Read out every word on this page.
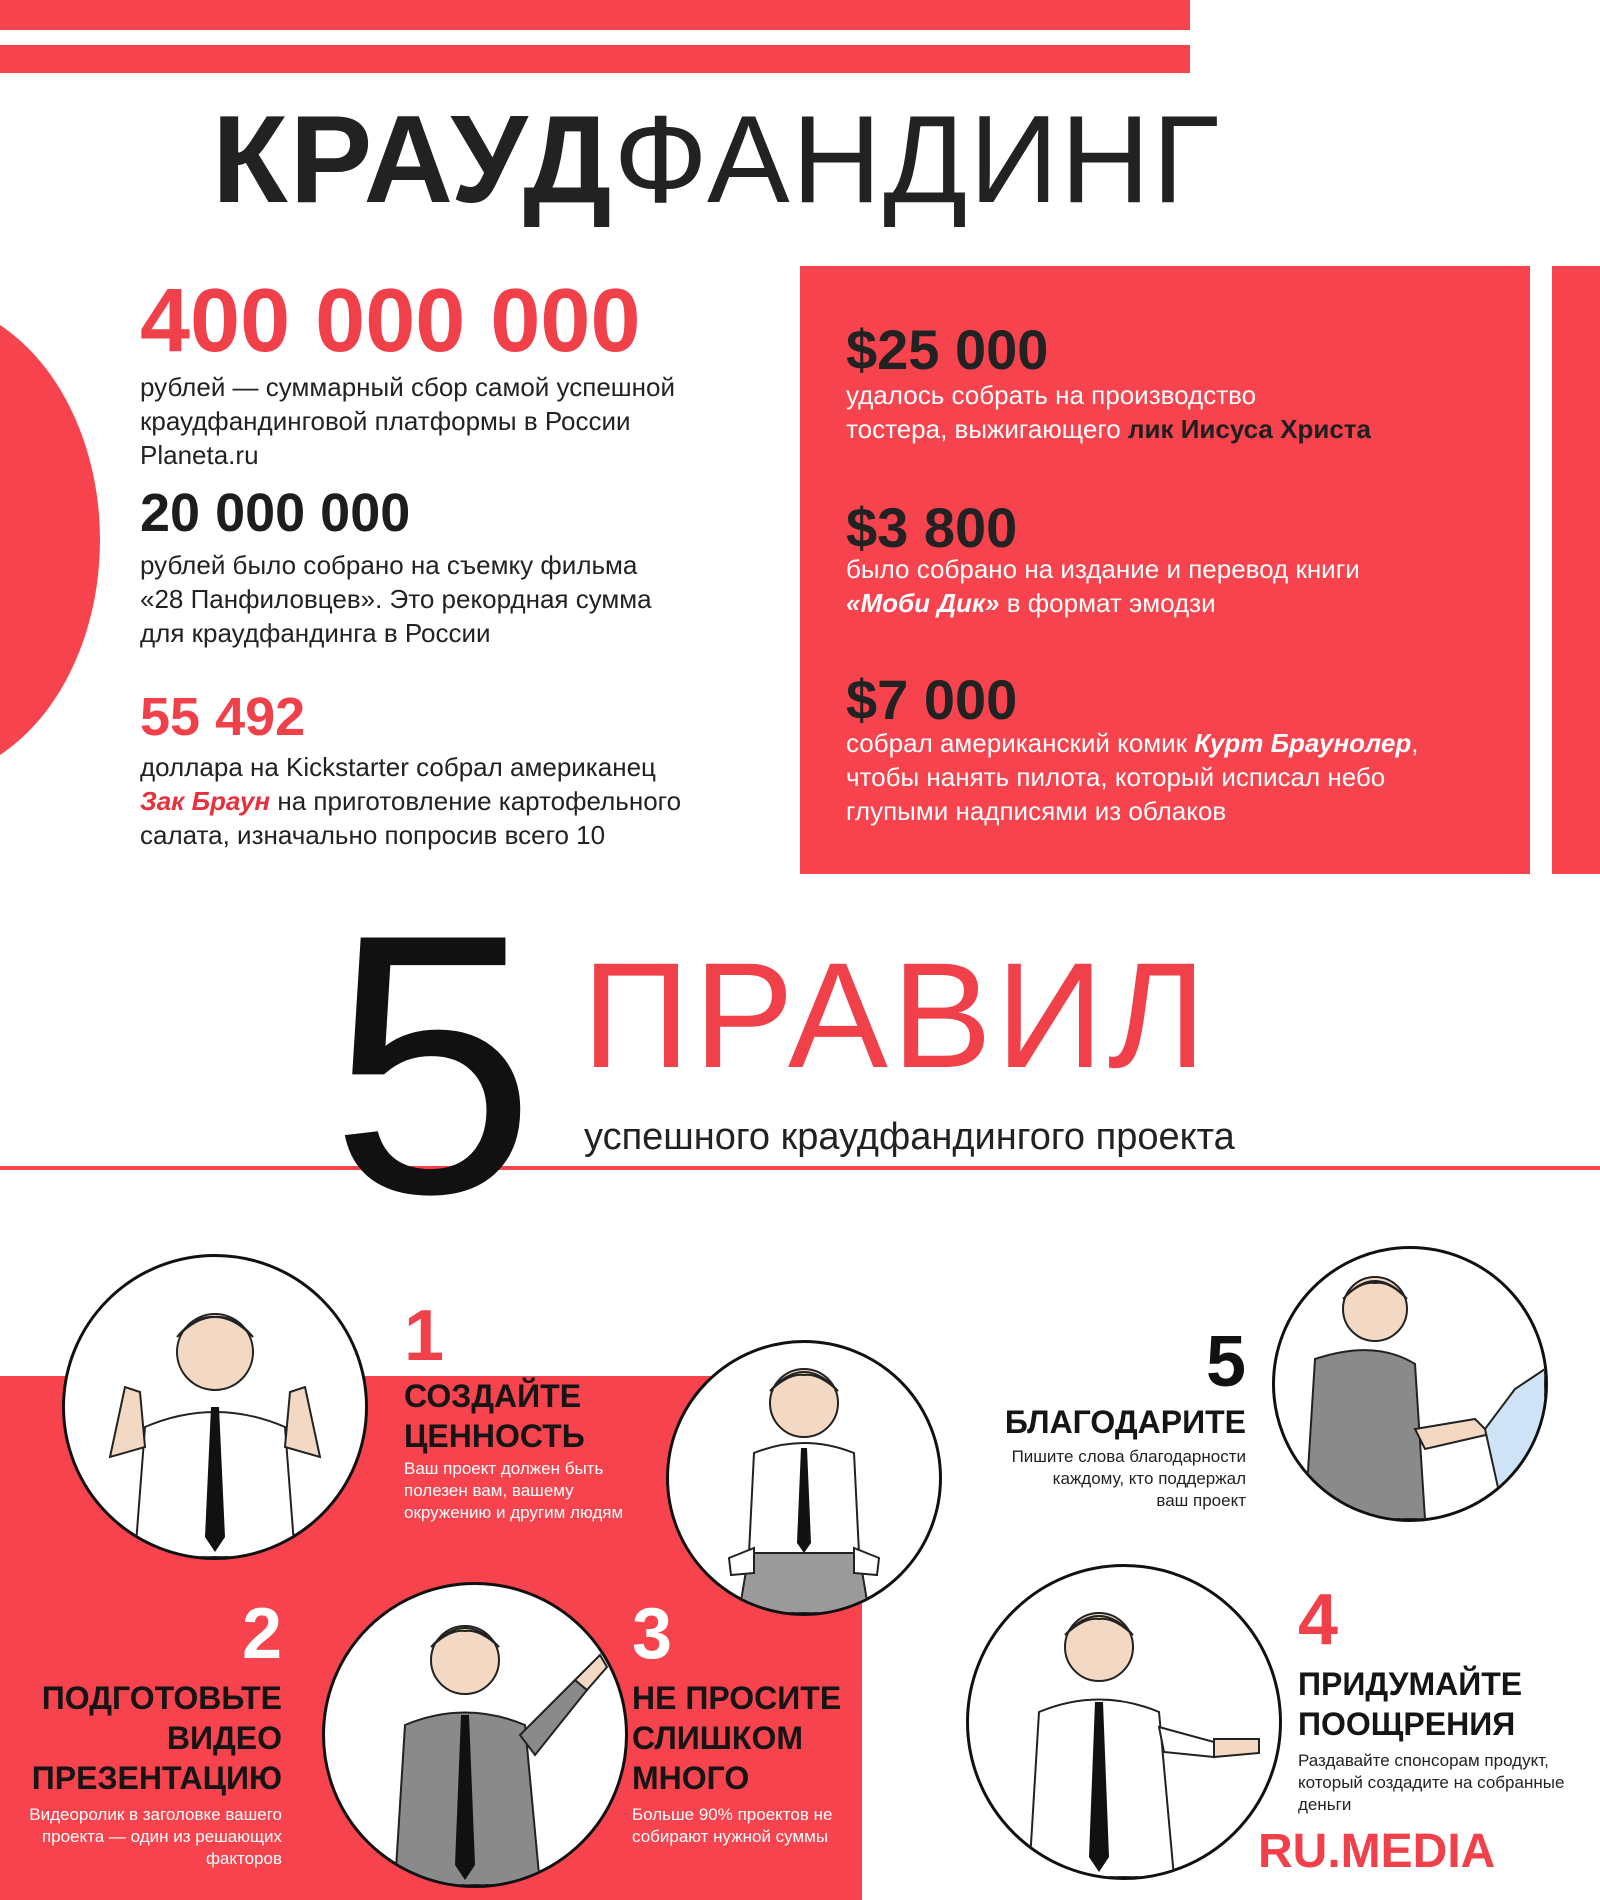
КРАУДФАНДИНГ
400 000 000
рублей — суммарный сбор самой успешной
краудфандинговой платформы в России
Planeta.ru
20 000 000
рублей было собрано на съемку фильма
«28 Панфиловцев». Это рекордная сумма
для краудфандинга в России
55 492
доллара на Kickstarter собрал американец
Зак Браун на приготовление картофельного
салата, изначально попросив всего 10
$25 000
удалось собрать на производство
тостера, выжигающего лик Иисуса Христа
$3 800
было собрано на издание и перевод книги
«Моби Дик» в формат эмодзи
$7 000
собрал американский комик Курт Браунолер,
чтобы нанять пилота, который исписал небо
глупыми надписями из облаков
5 ПРАВИЛ
успешного краудфандингого проекта
1
СОЗДАЙТЕ
ЦЕННОСТЬ
Ваш проект должен быть
полезен вам, вашему
окружению и другим людям
2
ПОДГОТОВЬТЕ
ВИДЕО
ПРЕЗЕНТАЦИЮ
Видеоролик в заголовке вашего
проекта — один из решающих
факторов
3
НЕ ПРОСИТЕ
СЛИШКОМ
МНОГО
Больше 90% проектов не
собирают нужной суммы
4
ПРИДУМАЙТЕ
ПООЩРЕНИЯ
Раздавайте спонсорам продукт,
который создадите на собранные
деньги
5
БЛАГОДАРИТЕ
Пишите слова благодарности
каждому, кто поддержал
ваш проект
RU.MEDIA
